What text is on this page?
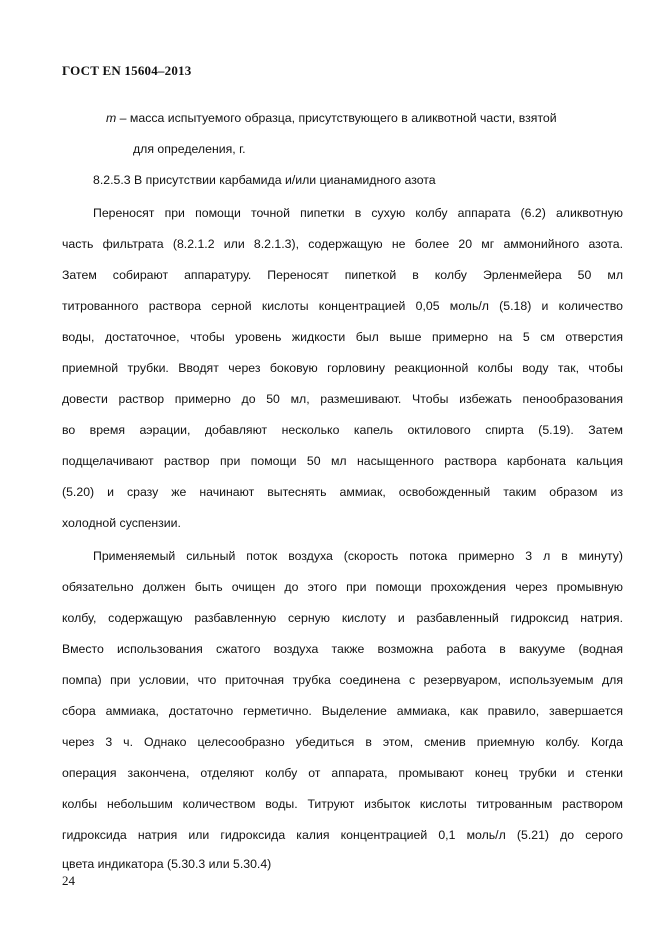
ГОСТ EN 15604–2013
m – масса испытуемого образца, присутствующего в аликвотной части, взятой
для определения, г.
8.2.5.3 В присутствии карбамида и/или цианамидного азота
Переносят при помощи точной пипетки в сухую колбу аппарата (6.2) аликвотную
часть фильтрата (8.2.1.2 или 8.2.1.3), содержащую не более 20 мг аммонийного азота.
Затем собирают аппаратуру. Переносят пипеткой в колбу Эрленмейера 50 мл
титрованного раствора серной кислоты концентрацией 0,05 моль/л (5.18) и количество
воды, достаточное, чтобы уровень жидкости был выше примерно на 5 см отверстия
приемной трубки. Вводят через боковую горловину реакционной колбы воду так, чтобы
довести раствор примерно до 50 мл, размешивают. Чтобы избежать пенообразования
во время аэрации, добавляют несколько капель октилового спирта (5.19). Затем
подщелачивают раствор при помощи 50 мл насыщенного раствора карбоната кальция
(5.20) и сразу же начинают вытеснять аммиак, освобожденный таким образом из
холодной суспензии.
Применяемый сильный поток воздуха (скорость потока примерно 3 л в минуту)
обязательно должен быть очищен до этого при помощи прохождения через промывную
колбу, содержащую разбавленную серную кислоту и разбавленный гидроксид натрия.
Вместо использования сжатого воздуха также возможна работа в вакууме (водная
помпа) при условии, что приточная трубка соединена с резервуаром, используемым для
сбора аммиака, достаточно герметично. Выделение аммиака, как правило, завершается
через 3 ч. Однако целесообразно убедиться в этом, сменив приемную колбу. Когда
операция закончена, отделяют колбу от аппарата, промывают конец трубки и стенки
колбы небольшим количеством воды. Титруют избыток кислоты титрованным раствором
гидроксида натрия или гидроксида калия концентрацией 0,1 моль/л (5.21) до серого
цвета индикатора (5.30.3 или 5.30.4)
24
